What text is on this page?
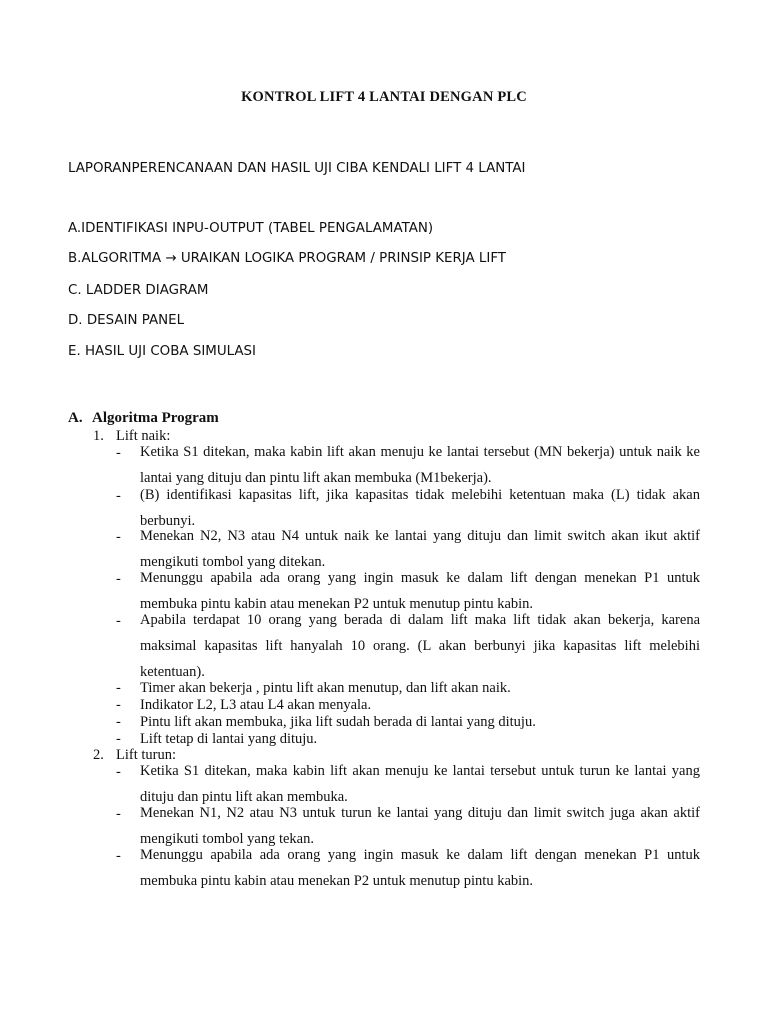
KONTROL LIFT 4 LANTAI DENGAN PLC
LAPORANPERENCANAAN DAN HASIL UJI CIBA KENDALI LIFT 4 LANTAI
A.IDENTIFIKASI INPU-OUTPUT (TABEL PENGALAMATAN)
B.ALGORITMA → URAIKAN LOGIKA PROGRAM / PRINSIP KERJA LIFT
C. LADDER DIAGRAM
D. DESAIN PANEL
E. HASIL UJI COBA SIMULASI
A. Algoritma Program
1. Lift naik:
- Ketika S1 ditekan, maka kabin lift akan menuju ke lantai tersebut (MN bekerja) untuk naik ke lantai yang dituju dan pintu lift akan membuka (M1bekerja).
- (B) identifikasi kapasitas lift, jika kapasitas tidak melebihi ketentuan maka (L) tidak akan berbunyi.
- Menekan N2, N3 atau N4 untuk naik ke lantai yang dituju dan limit switch akan ikut aktif mengikuti tombol yang ditekan.
- Menunggu apabila ada orang yang ingin masuk ke dalam lift dengan menekan P1 untuk membuka pintu kabin atau menekan P2 untuk menutup pintu kabin.
- Apabila terdapat 10 orang yang berada di dalam lift maka lift tidak akan bekerja, karena maksimal kapasitas lift hanyalah 10 orang. (L akan berbunyi jika kapasitas lift melebihi ketentuan).
- Timer akan bekerja , pintu lift akan menutup, dan lift akan naik.
- Indikator L2, L3 atau L4 akan menyala.
- Pintu lift akan membuka, jika lift sudah berada di lantai yang dituju.
- Lift tetap di lantai yang dituju.
2. Lift turun:
- Ketika S1 ditekan, maka kabin lift akan menuju ke lantai tersebut untuk turun ke lantai yang dituju dan pintu lift akan membuka.
- Menekan N1, N2 atau N3 untuk turun ke lantai yang dituju dan limit switch juga akan aktif mengikuti tombol yang tekan.
- Menunggu apabila ada orang yang ingin masuk ke dalam lift dengan menekan P1 untuk membuka pintu kabin atau menekan P2 untuk menutup pintu kabin.
